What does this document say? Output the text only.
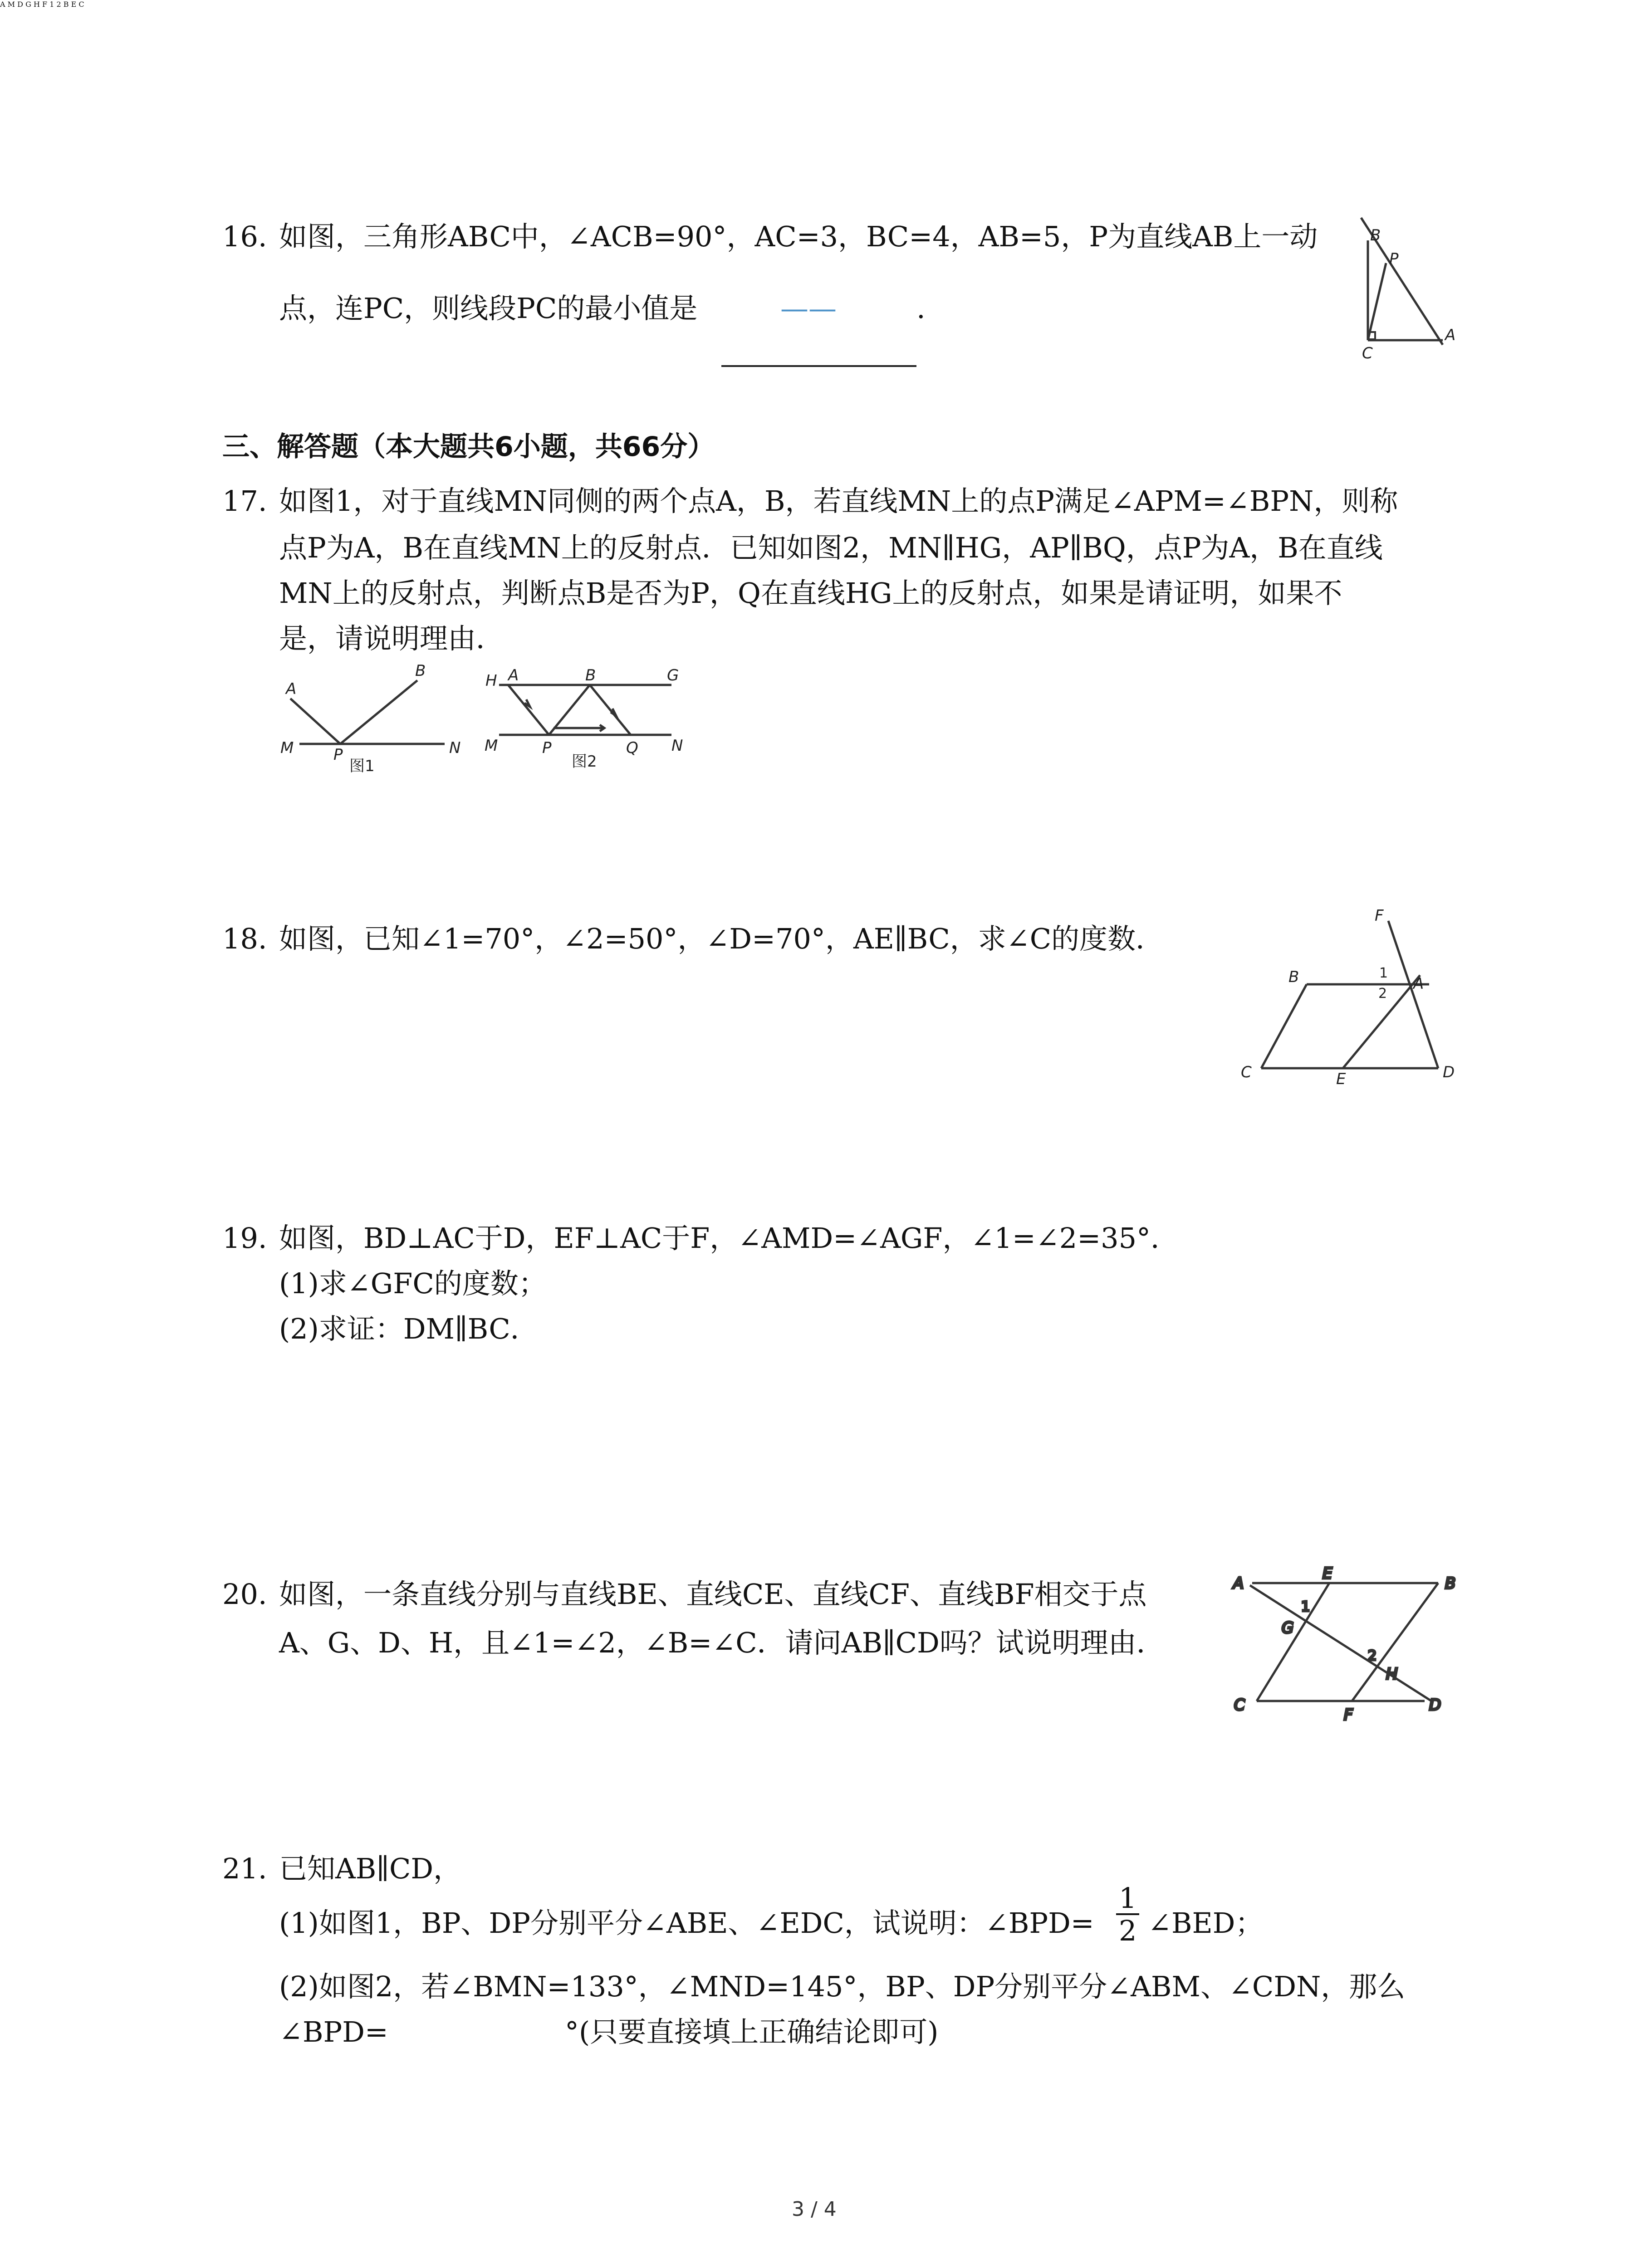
16. 如图，三角形ABC中，∠ACB=90°，AC=3，BC=4，AB=5，P为直线AB上一动
点，连PC，则线段PC的最小值是	——	.
B
P
C
A
三、解答题（本大题共6小题，共66分）
17. 如图1，对于直线MN同侧的两个点A，B，若直线MN上的点P满足∠APM=∠BPN，则称
点P为A，B在直线MN上的反射点．已知如图2，MN∥HG，AP∥BQ，点P为A，B在直线
MN上的反射点，判断点B是否为P，Q在直线HG上的反射点，如果是请证明，如果不
是，请说明理由．
A
B
M	P	N
图1
H A	B	G
M	P	Q N
图2
18. 如图，已知∠1=70°，∠2=50°，∠D=70°，AE∥BC，求∠C的度数．
F
B	1
2
A
C	E	D
19. 如图，BD⊥AC于D，EF⊥AC于F，∠AMD=∠AGF，∠1=∠2=35°．
(1)求∠GFC的度数；
(2)求证：DM∥BC．
A M D G H F 1 2 B E C
20. 如图，一条直线分别与直线BE、直线CE、直线CF、直线BF相交于点
A、G、D、H，且∠1=∠2，∠B=∠C．请问AB∥CD吗？试说明理由．
A
E
B
1
G
2
H
C
F
D
21. 已知AB∥CD，
(1)如图1，BP、DP分别平分∠ABE、∠EDC，试说明：∠BPD= $\frac{1}{2}$ ∠BED；
(2)如图2，若∠BMN=133°，∠MND=145°，BP、DP分别平分∠ABM、∠CDN，那么
∠BPD=	°(只要直接填上正确结论即可)
3 / 4
